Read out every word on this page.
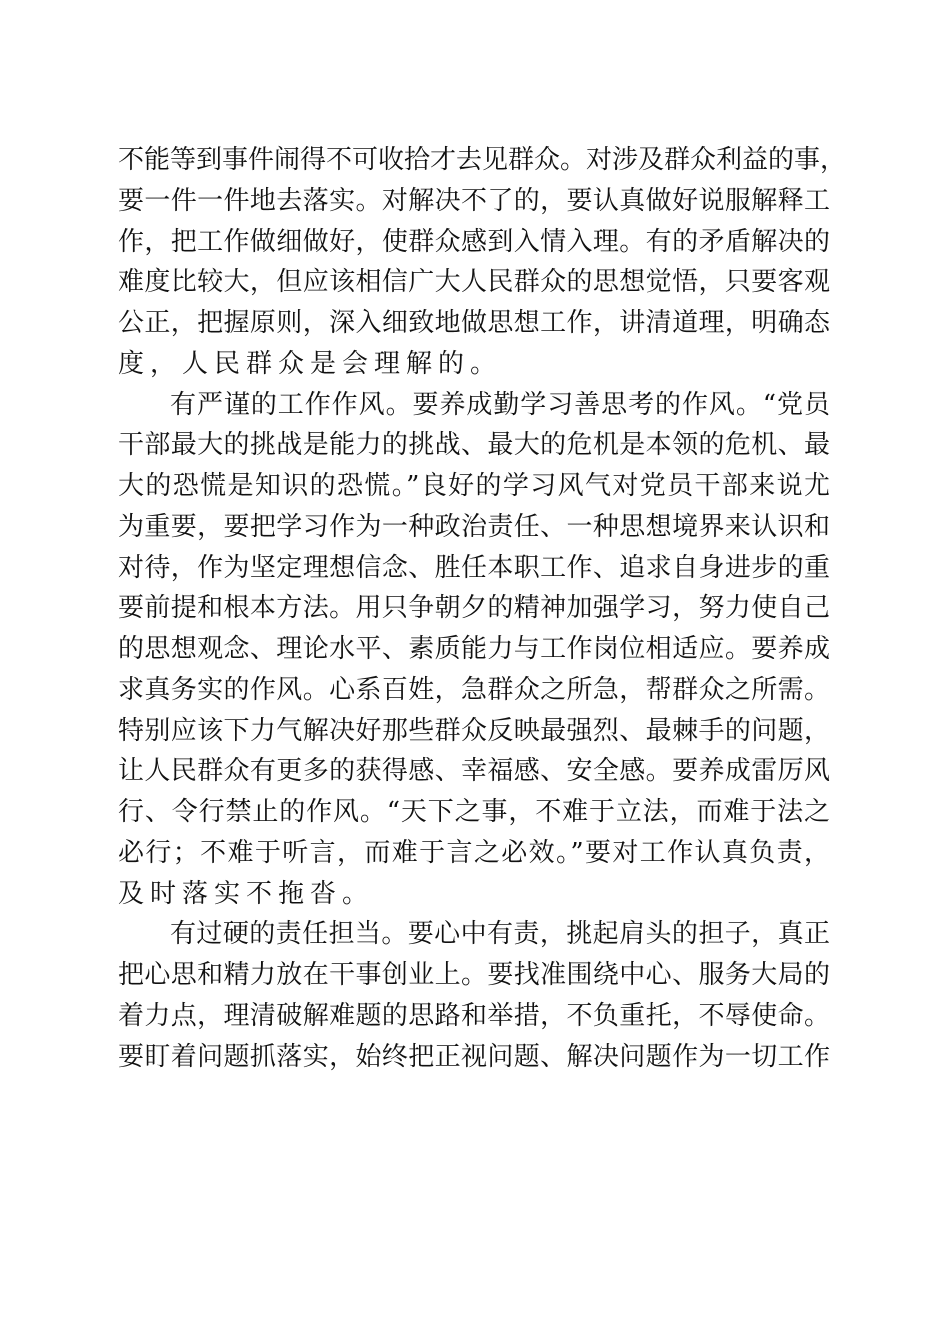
不能等到事件闹得不可收拾才去见群众。对涉及群众利益的事，
要一件一件地去落实。对解决不了的，要认真做好说服解释工
作，把工作做细做好，使群众感到入情入理。有的矛盾解决的
难度比较大，但应该相信广大人民群众的思想觉悟，只要客观
公正，把握原则，深入细致地做思想工作，讲清道理，明确态
度，人民群众是会理解的。
有严谨的工作作风。要养成勤学习善思考的作风。“党员
干部最大的挑战是能力的挑战、最大的危机是本领的危机、最
大的恐慌是知识的恐慌。”良好的学习风气对党员干部来说尤
为重要，要把学习作为一种政治责任、一种思想境界来认识和
对待，作为坚定理想信念、胜任本职工作、追求自身进步的重
要前提和根本方法。用只争朝夕的精神加强学习，努力使自己
的思想观念、理论水平、素质能力与工作岗位相适应。要养成
求真务实的作风。心系百姓，急群众之所急，帮群众之所需。
特别应该下力气解决好那些群众反映最强烈、最棘手的问题，
让人民群众有更多的获得感、幸福感、安全感。要养成雷厉风
行、令行禁止的作风。“天下之事，不难于立法，而难于法之
必行；不难于听言，而难于言之必效。”要对工作认真负责，
及时落实不拖沓。
有过硬的责任担当。要心中有责，挑起肩头的担子，真正
把心思和精力放在干事创业上。要找准围绕中心、服务大局的
着力点，理清破解难题的思路和举措，不负重托，不辱使命。
要盯着问题抓落实，始终把正视问题、解决问题作为一切工作
